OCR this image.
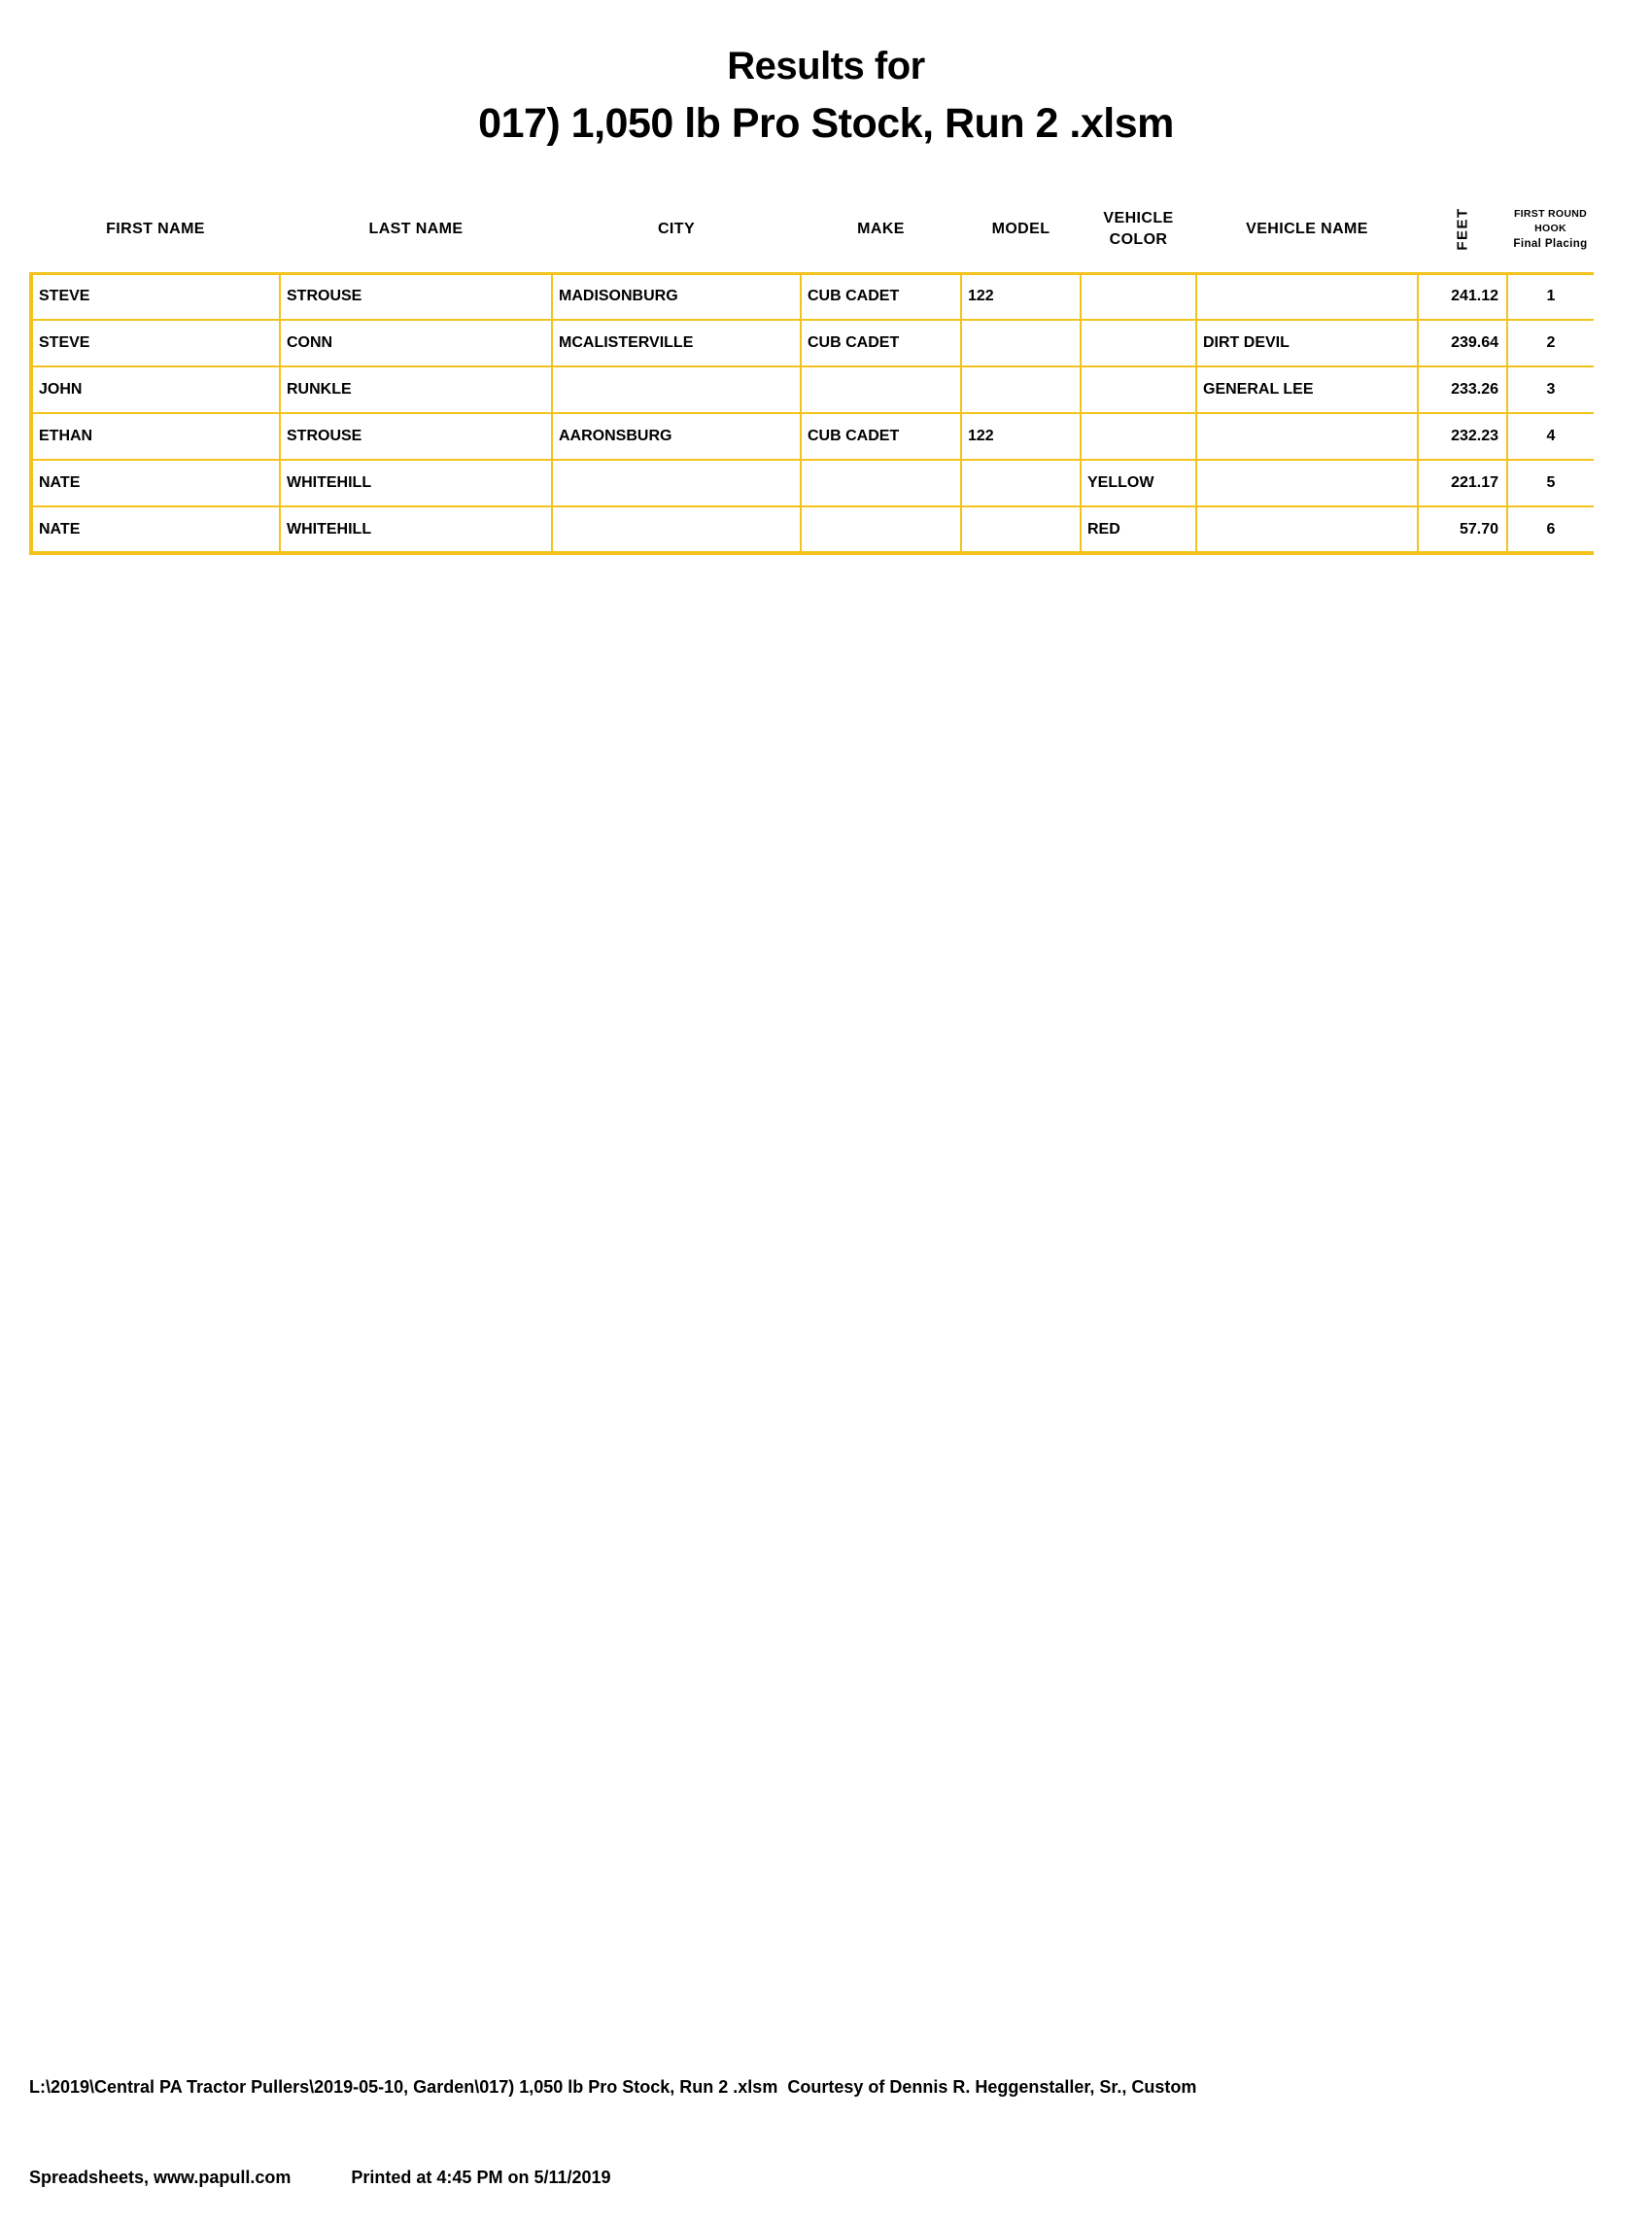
Results for
017) 1,050 lb Pro Stock, Run 2 .xlsm
FIRST NAME	LAST NAME	CITY	MAKE	MODEL	VEHICLE COLOR	VEHICLE NAME	FEET	FIRST ROUND
HOOK
Final Placing

STEVE	STROUSE	MADISONBURG	CUB CADET	122			241.12	1
STEVE	CONN	MCALISTERVILLE	CUB CADET			DIRT DEVIL	239.64	2
JOHN	RUNKLE					GENERAL LEE	233.26	3
ETHAN	STROUSE	AARONSBURG	CUB CADET	122			232.23	4
NATE	WHITEHILL				YELLOW		221.17	5
NATE	WHITEHILL				RED		57.70	6

L:\2019\Central PA Tractor Pullers\2019-05-10, Garden\017) 1,050 lb Pro Stock, Run 2 .xlsm  Courtesy of Dennis R. Heggenstaller, Sr., Custom

Spreadsheets, www.papull.com	Printed at 4:45 PM on 5/11/2019
